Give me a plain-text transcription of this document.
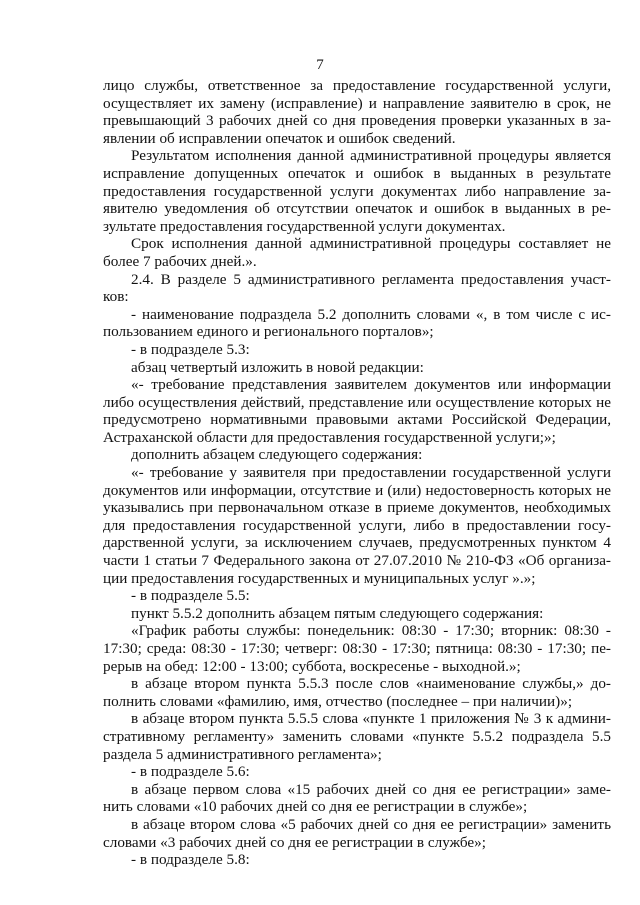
7
лицо службы, ответственное за предоставление государственной услуги,
осуществляет их замену (исправление) и направление заявителю в срок, не
превышающий 3 рабочих дней со дня проведения проверки указанных в за-
явлении об исправлении опечаток и ошибок сведений.
Результатом исполнения данной административной процедуры является
исправление допущенных опечаток и ошибок в выданных в результате
предоставления государственной услуги документах либо направление за-
явителю уведомления об отсутствии опечаток и ошибок в выданных в ре-
зультате предоставления государственной услуги документах.
Срок исполнения данной административной процедуры составляет не
более 7 рабочих дней.».
2.4. В разделе 5 административного регламента предоставления участ-
ков:
- наименование подраздела 5.2 дополнить словами «, в том числе с ис-
пользованием единого и регионального порталов»;
- в подразделе 5.3:
абзац четвертый изложить в новой редакции:
«- требование представления заявителем документов или информации
либо осуществления действий, представление или осуществление которых не
предусмотрено нормативными правовыми актами Российской Федерации,
Астраханской области для предоставления государственной услуги;»;
дополнить абзацем следующего содержания:
«- требование у заявителя при предоставлении государственной услуги
документов или информации, отсутствие и (или) недостоверность которых не
указывались при первоначальном отказе в приеме документов, необходимых
для предоставления государственной услуги, либо в предоставлении госу-
дарственной услуги, за исключением случаев, предусмотренных пунктом 4
части 1 статьи 7 Федерального закона от 27.07.2010 № 210-ФЗ «Об организа-
ции предоставления государственных и муниципальных услуг ».»;
- в подразделе 5.5:
пункт 5.5.2 дополнить абзацем пятым следующего содержания:
«График работы службы: понедельник: 08:30 - 17:30; вторник: 08:30 -
17:30; среда: 08:30 - 17:30; четверг: 08:30 - 17:30; пятница: 08:30 - 17:30; пе-
рерыв на обед: 12:00 - 13:00; суббота, воскресенье - выходной.»;
в абзаце втором пункта 5.5.3 после слов «наименование службы,» до-
полнить словами «фамилию, имя, отчество (последнее – при наличии)»;
в абзаце втором пункта 5.5.5 слова «пункте 1 приложения № 3 к админи-
стративному регламенту» заменить словами «пункте 5.5.2 подраздела 5.5
раздела 5 административного регламента»;
- в подразделе 5.6:
в абзаце первом слова «15 рабочих дней со дня ее регистрации» заме-
нить словами «10 рабочих дней со дня ее регистрации в службе»;
в абзаце втором слова «5 рабочих дней со дня ее регистрации» заменить
словами «3 рабочих дней со дня ее регистрации в службе»;
- в подразделе 5.8:
